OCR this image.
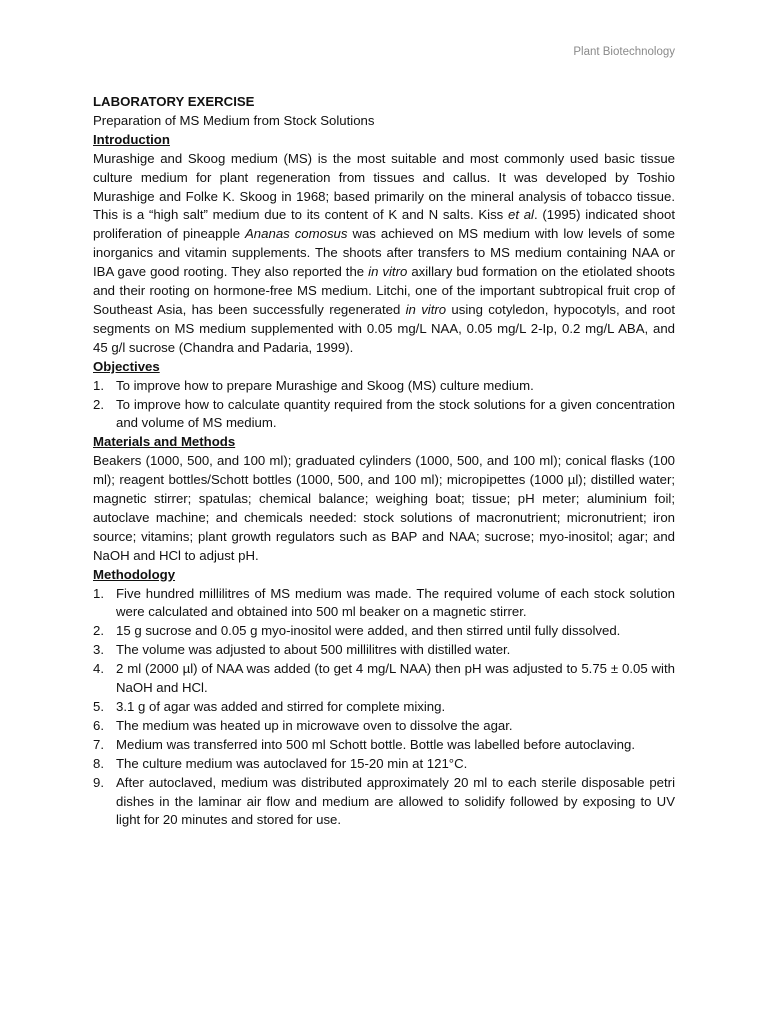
Plant Biotechnology

LABORATORY EXERCISE

Preparation of MS Medium from Stock Solutions

Introduction

Murashige and Skoog medium (MS) is the most suitable and most commonly used basic tissue culture medium for plant regeneration from tissues and callus. It was developed by Toshio Murashige and Folke K. Skoog in 1968; based primarily on the mineral analysis of tobacco tissue. This is a “high salt” medium due to its content of K and N salts. Kiss et al. (1995) indicated shoot proliferation of pineapple Ananas comosus was achieved on MS medium with low levels of some inorganics and vitamin supplements. The shoots after transfers to MS medium containing NAA or IBA gave good rooting. They also reported the in vitro axillary bud formation on the etiolated shoots and their rooting on hormone-free MS medium. Litchi, one of the important subtropical fruit crop of Southeast Asia, has been successfully regenerated in vitro using cotyledon, hypocotyls, and root segments on MS medium supplemented with 0.05 mg/L NAA, 0.05 mg/L 2-Ip, 0.2 mg/L ABA, and 45 g/l sucrose (Chandra and Padaria, 1999).

Objectives

1. To improve how to prepare Murashige and Skoog (MS) culture medium.
2. To improve how to calculate quantity required from the stock solutions for a given concentration and volume of MS medium.

Materials and Methods

Beakers (1000, 500, and 100 ml); graduated cylinders (1000, 500, and 100 ml); conical flasks (100 ml); reagent bottles/Schott bottles (1000, 500, and 100 ml); micropipettes (1000 µl); distilled water; magnetic stirrer; spatulas; chemical balance; weighing boat; tissue; pH meter; aluminium foil; autoclave machine; and chemicals needed: stock solutions of macronutrient; micronutrient; iron source; vitamins; plant growth regulators such as BAP and NAA; sucrose; myo-inositol; agar; and NaOH and HCl to adjust pH.

Methodology

1. Five hundred millilitres of MS medium was made. The required volume of each stock solution were calculated and obtained into 500 ml beaker on a magnetic stirrer.
2. 15 g sucrose and 0.05 g myo-inositol were added, and then stirred until fully dissolved.
3. The volume was adjusted to about 500 millilitres with distilled water.
4. 2 ml (2000 µl) of NAA was added (to get 4 mg/L NAA) then pH was adjusted to 5.75 ± 0.05 with NaOH and HCl.
5. 3.1 g of agar was added and stirred for complete mixing.
6. The medium was heated up in microwave oven to dissolve the agar.
7. Medium was transferred into 500 ml Schott bottle. Bottle was labelled before autoclaving.
8. The culture medium was autoclaved for 15-20 min at 121°C.
9. After autoclaved, medium was distributed approximately 20 ml to each sterile disposable petri dishes in the laminar air flow and medium are allowed to solidify followed by exposing to UV light for 20 minutes and stored for use.
